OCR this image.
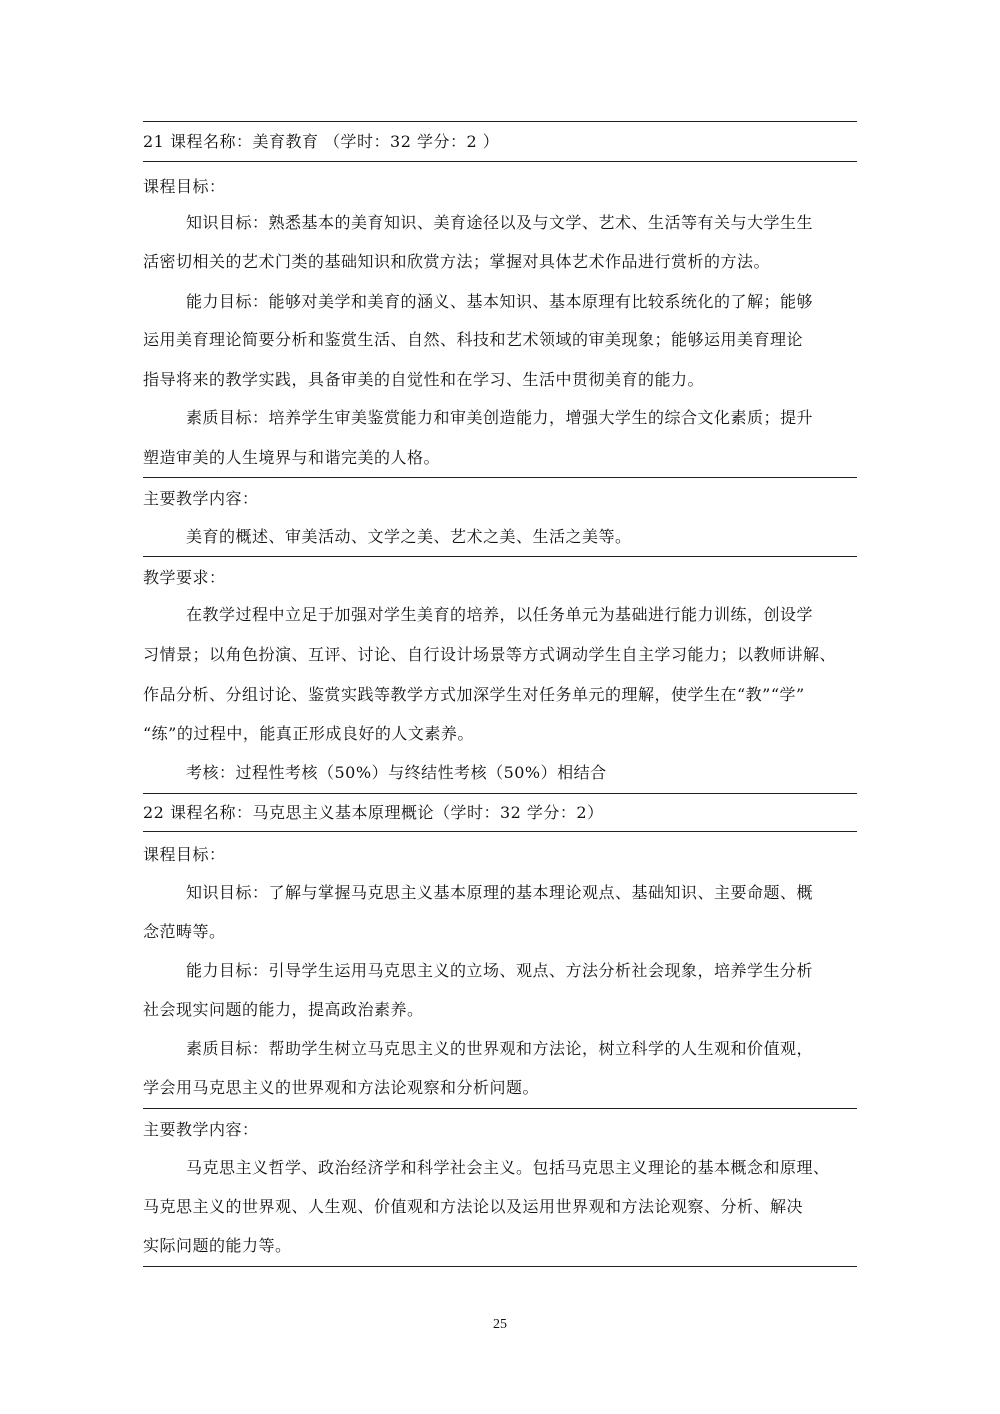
21 课程名称：美育教育 （学时：32 学分：2 ）
课程目标：
知识目标：熟悉基本的美育知识、美育途径以及与文学、艺术、生活等有关与大学生生
活密切相关的艺术门类的基础知识和欣赏方法；掌握对具体艺术作品进行赏析的方法。
能力目标：能够对美学和美育的涵义、基本知识、基本原理有比较系统化的了解；能够
运用美育理论简要分析和鉴赏生活、自然、科技和艺术领域的审美现象；能够运用美育理论
指导将来的教学实践，具备审美的自觉性和在学习、生活中贯彻美育的能力。
素质目标：培养学生审美鉴赏能力和审美创造能力，增强大学生的综合文化素质；提升
塑造审美的人生境界与和谐完美的人格。
主要教学内容：
美育的概述、审美活动、文学之美、艺术之美、生活之美等。
教学要求：
在教学过程中立足于加强对学生美育的培养，以任务单元为基础进行能力训练，创设学
习情景；以角色扮演、互评、讨论、自行设计场景等方式调动学生自主学习能力；以教师讲解、
作品分析、分组讨论、鉴赏实践等教学方式加深学生对任务单元的理解，使学生在“教”“学”
“练”的过程中，能真正形成良好的人文素养。
考核：过程性考核（50%）与终结性考核（50%）相结合
22 课程名称：马克思主义基本原理概论（学时：32 学分：2）
课程目标：
知识目标：了解与掌握马克思主义基本原理的基本理论观点、基础知识、主要命题、概
念范畴等。
能力目标：引导学生运用马克思主义的立场、观点、方法分析社会现象，培养学生分析
社会现实问题的能力，提高政治素养。
素质目标：帮助学生树立马克思主义的世界观和方法论，树立科学的人生观和价值观，
学会用马克思主义的世界观和方法论观察和分析问题。
主要教学内容：
马克思主义哲学、政治经济学和科学社会主义。包括马克思主义理论的基本概念和原理、
马克思主义的世界观、人生观、价值观和方法论以及运用世界观和方法论观察、分析、解决
实际问题的能力等。
25
